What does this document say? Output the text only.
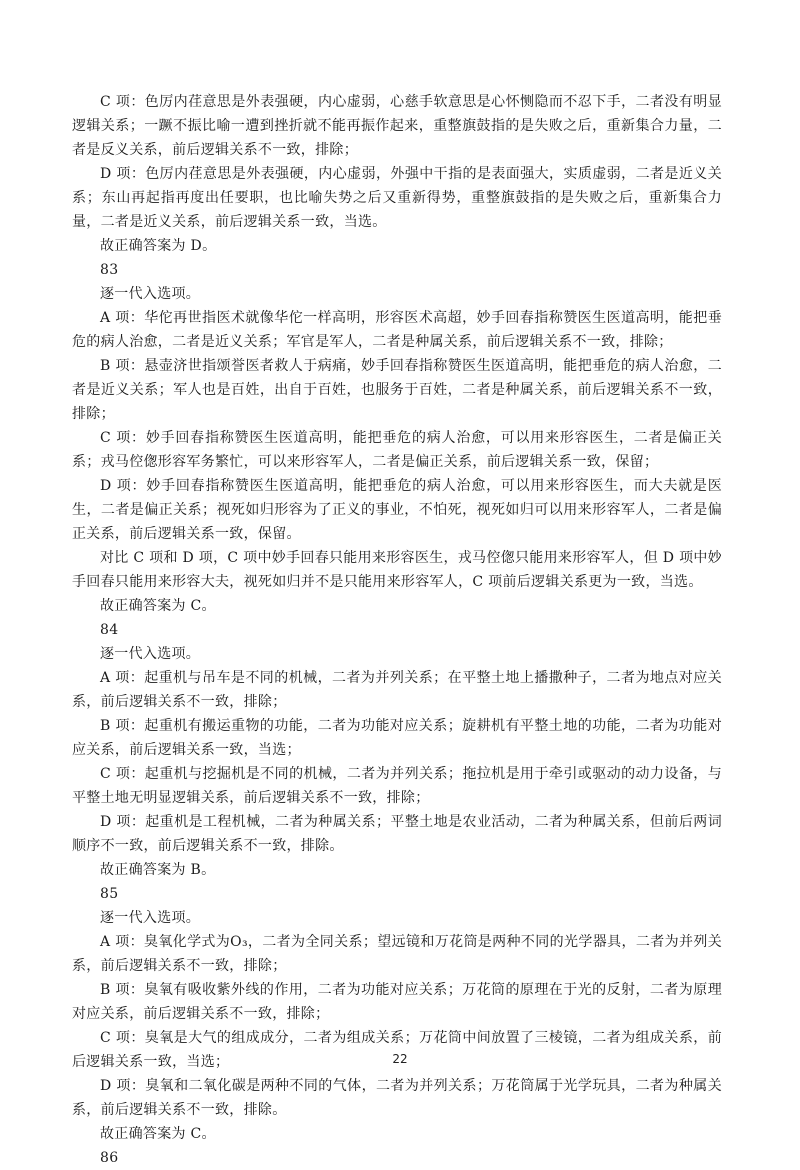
C 项：色厉内荏意思是外表强硬，内心虚弱，心慈手软意思是心怀恻隐而不忍下手，二者没有明显逻辑关系；一蹶不振比喻一遭到挫折就不能再振作起来，重整旗鼓指的是失败之后，重新集合力量，二者是反义关系，前后逻辑关系不一致，排除；

D 项：色厉内荏意思是外表强硬，内心虚弱，外强中干指的是表面强大，实质虚弱，二者是近义关系；东山再起指再度出任要职，也比喻失势之后又重新得势，重整旗鼓指的是失败之后，重新集合力量，二者是近义关系，前后逻辑关系一致，当选。

故正确答案为 D。

83

逐一代入选项。

A 项：华佗再世指医术就像华佗一样高明，形容医术高超，妙手回春指称赞医生医道高明，能把垂危的病人治愈，二者是近义关系；军官是军人，二者是种属关系，前后逻辑关系不一致，排除；

B 项：悬壶济世指颂誉医者救人于病痛，妙手回春指称赞医生医道高明，能把垂危的病人治愈，二者是近义关系；军人也是百姓，出自于百姓，也服务于百姓，二者是种属关系，前后逻辑关系不一致，排除；

C 项：妙手回春指称赞医生医道高明，能把垂危的病人治愈，可以用来形容医生，二者是偏正关系；戎马倥偬形容军务繁忙，可以来形容军人，二者是偏正关系，前后逻辑关系一致，保留；

D 项：妙手回春指称赞医生医道高明，能把垂危的病人治愈，可以用来形容医生，而大夫就是医生，二者是偏正关系；视死如归形容为了正义的事业，不怕死，视死如归可以用来形容军人，二者是偏正关系，前后逻辑关系一致，保留。

对比 C 项和 D 项，C 项中妙手回春只能用来形容医生，戎马倥偬只能用来形容军人，但 D 项中妙手回春只能用来形容大夫，视死如归并不是只能用来形容军人，C 项前后逻辑关系更为一致，当选。

故正确答案为 C。

84

逐一代入选项。

A 项：起重机与吊车是不同的机械，二者为并列关系；在平整土地上播撒种子，二者为地点对应关系，前后逻辑关系不一致，排除；

B 项：起重机有搬运重物的功能，二者为功能对应关系；旋耕机有平整土地的功能，二者为功能对应关系，前后逻辑关系一致，当选；

C 项：起重机与挖掘机是不同的机械，二者为并列关系；拖拉机是用于牵引或驱动的动力设备，与平整土地无明显逻辑关系，前后逻辑关系不一致，排除；

D 项：起重机是工程机械，二者为种属关系；平整土地是农业活动，二者为种属关系，但前后两词顺序不一致，前后逻辑关系不一致，排除。

故正确答案为 B。

85

逐一代入选项。

A 项：臭氧化学式为O₃，二者为全同关系；望远镜和万花筒是两种不同的光学器具，二者为并列关系，前后逻辑关系不一致，排除；

B 项：臭氧有吸收紫外线的作用，二者为功能对应关系；万花筒的原理在于光的反射，二者为原理对应关系，前后逻辑关系不一致，排除；

C 项：臭氧是大气的组成成分，二者为组成关系；万花筒中间放置了三棱镜，二者为组成关系，前后逻辑关系一致，当选；

D 项：臭氧和二氧化碳是两种不同的气体，二者为并列关系；万花筒属于光学玩具，二者为种属关系，前后逻辑关系不一致，排除。

故正确答案为 C。

86

22
